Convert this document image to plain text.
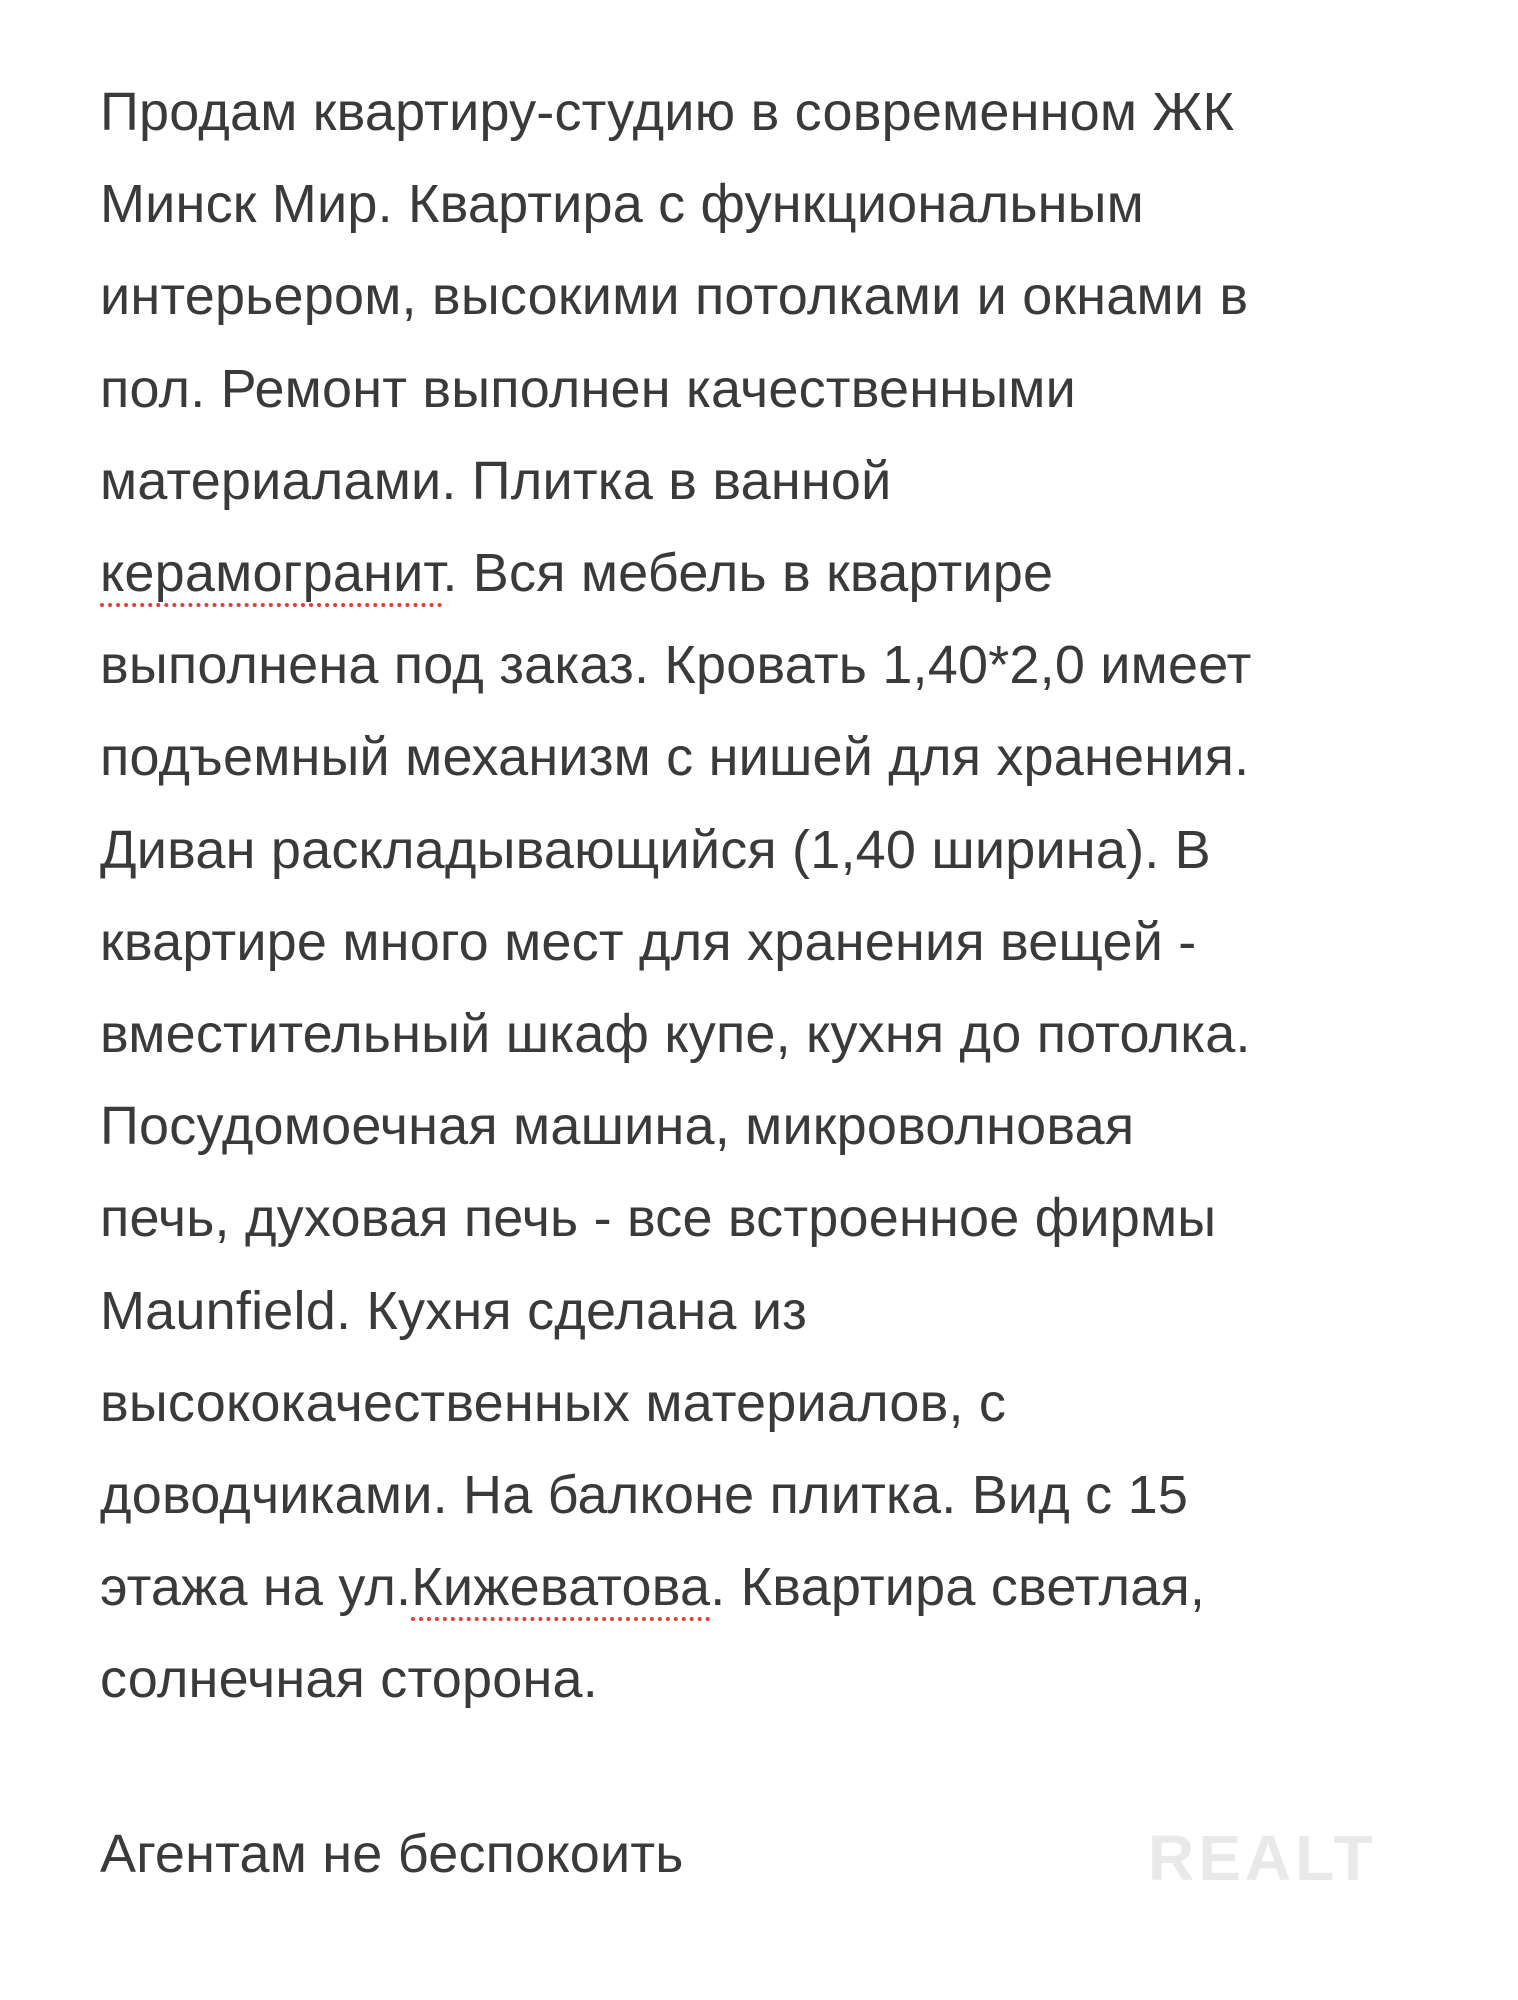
Продам квартиру-студию в современном ЖК
Минск Мир. Квартира с функциональным
интерьером, высокими потолками и окнами в
пол. Ремонт выполнен качественными
материалами. Плитка в ванной
керамогранит. Вся мебель в квартире
выполнена под заказ. Кровать 1,40*2,0 имеет
подъемный механизм с нишей для хранения.
Диван раскладывающийся (1,40 ширина). В
квартире много мест для хранения вещей -
вместительный шкаф купе, кухня до потолка.
Посудомоечная машина, микроволновая
печь, духовая печь - все встроенное фирмы
Maunfield. Кухня сделана из
высококачественных материалов, с
доводчиками. На балконе плитка. Вид с 15
этажа на ул.Кижеватова. Квартира светлая,
солнечная сторона.
Агентам не беспокоить	REALT
